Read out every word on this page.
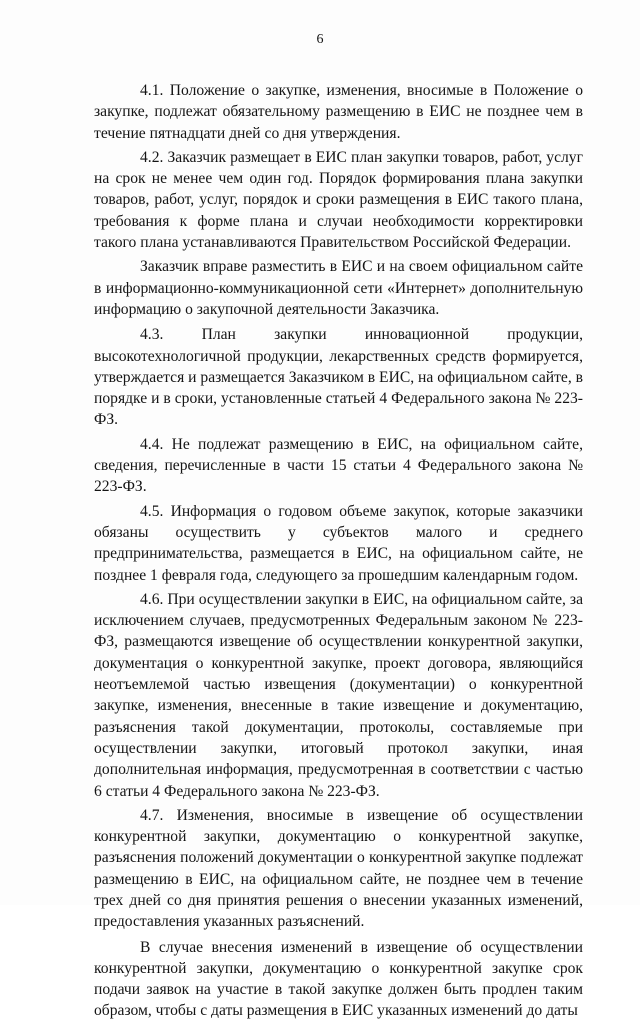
6

4.1. Положение о закупке, изменения, вносимые в Положение о закупке, подлежат обязательному размещению в ЕИС не позднее чем в течение пятнадцати дней со дня утверждения.

4.2. Заказчик размещает в ЕИС план закупки товаров, работ, услуг на срок не менее чем один год. Порядок формирования плана закупки товаров, работ, услуг, порядок и сроки размещения в ЕИС такого плана, требования к форме плана и случаи необходимости корректировки такого плана устанавливаются Правительством Российской Федерации.

Заказчик вправе разместить в ЕИС и на своем официальном сайте в информационно-коммуникационной сети «Интернет» дополнительную информацию о закупочной деятельности Заказчика.

4.3. План закупки инновационной продукции, высокотехнологичной продукции, лекарственных средств формируется, утверждается и размещается Заказчиком в ЕИС, на официальном сайте, в порядке и в сроки, установленные статьей 4 Федерального закона № 223-ФЗ.

4.4. Не подлежат размещению в ЕИС, на официальном сайте, сведения, перечисленные в части 15 статьи 4 Федерального закона № 223-ФЗ.

4.5. Информация о годовом объеме закупок, которые заказчики обязаны осуществить у субъектов малого и среднего предпринимательства, размещается в ЕИС, на официальном сайте, не позднее 1 февраля года, следующего за прошедшим календарным годом.

4.6. При осуществлении закупки в ЕИС, на официальном сайте, за исключением случаев, предусмотренных Федеральным законом № 223-ФЗ, размещаются извещение об осуществлении конкурентной закупки, документация о конкурентной закупке, проект договора, являющийся неотъемлемой частью извещения (документации) о конкурентной закупке, изменения, внесенные в такие извещение и документацию, разъяснения такой документации, протоколы, составляемые при осуществлении закупки, итоговый протокол закупки, иная дополнительная информация, предусмотренная в соответствии с частью 6 статьи 4 Федерального закона № 223-ФЗ.

4.7. Изменения, вносимые в извещение об осуществлении конкурентной закупки, документацию о конкурентной закупке, разъяснения положений документации о конкурентной закупке подлежат размещению в ЕИС, на официальном сайте, не позднее чем в течение трех дней со дня принятия решения о внесении указанных изменений, предоставления указанных разъяснений.

В случае внесения изменений в извещение об осуществлении конкурентной закупки, документацию о конкурентной закупке срок подачи заявок на участие в такой закупке должен быть продлен таким образом, чтобы с даты размещения в ЕИС указанных изменений до даты
